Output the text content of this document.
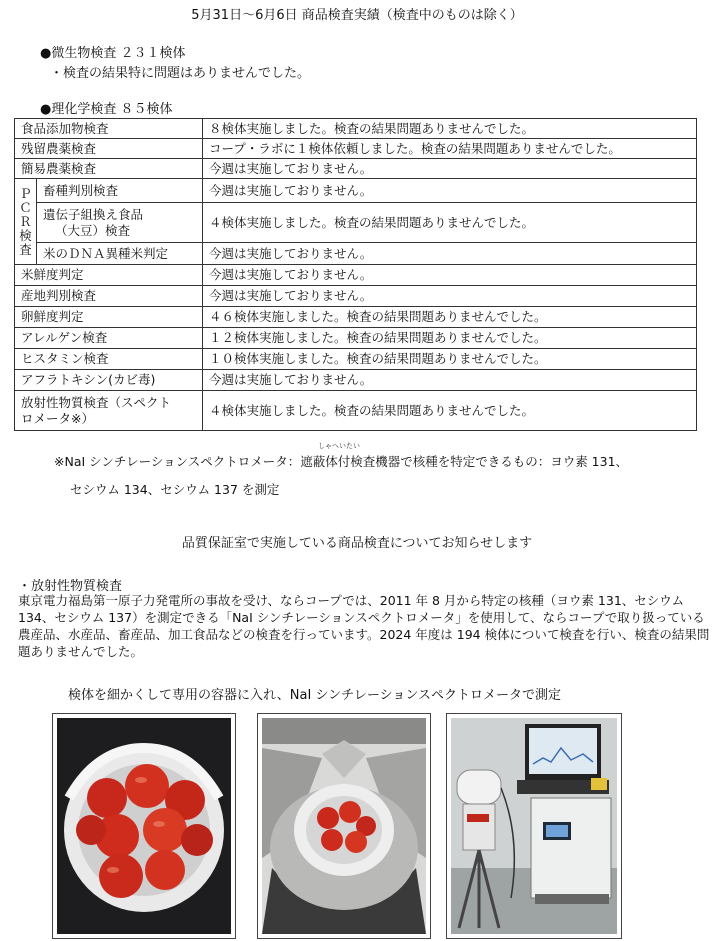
5月31日～6月6日 商品検査実績（検査中のものは除く）
●微生物検査 ２３１検体
・検査の結果特に問題はありませんでした。
●理化学検査 ８５検体
食品添加物検査		８検体実施しました。検査の結果問題ありませんでした。
残留農薬検査		コープ・ラボに１検体依頼しました。検査の結果問題ありませんでした。
簡易農薬検査		今週は実施しておりません。

Ｐ
Ｃ
Ｒ
検
査	畜種判別検査	今週は実施しておりません。

	遺伝子組換え食品
（大豆）検査	４検体実施しました。検査の結果問題ありませんでした。
	米のＤＮＡ異種米判定	今週は実施しておりません。
米鮮度判定		今週は実施しておりません。
産地判別検査		今週は実施しておりません。
卵鮮度判定		４６検体実施しました。検査の結果問題ありませんでした。
アレルゲン検査		１２検体実施しました。検査の結果問題ありませんでした。
ヒスタミン検査		１０検体実施しました。検査の結果問題ありませんでした。
アフラトキシン(カビ毒)		今週は実施しておりません。

放射性物質検査（スペクト
ロメータ※）		４検体実施しました。検査の結果問題ありませんでした。
しゃへいたい
※NaI シンチレーションスペクトロメータ：遮蔽体付検査機器で核種を特定できるもの：ヨウ素 131、
セシウム 134、セシウム 137 を測定
品質保証室で実施している商品検査についてお知らせします
・放射性物質検査
東京電力福島第一原子力発電所の事故を受け、ならコープでは、2011 年 8 月から特定の核種（ヨウ素 131、セシウム 134、セシウム 137）を測定できる「NaI シンチレーションスペクトロメータ」を使用して、ならコープで取り扱っている農産品、水産品、畜産品、加工食品などの検査を行っています。2024 年度は 194 検体について検査を行い、検査の結果問題ありませんでした。
検体を細かくして専用の容器に入れ、NaI シンチレーションスペクトロメータで測定
